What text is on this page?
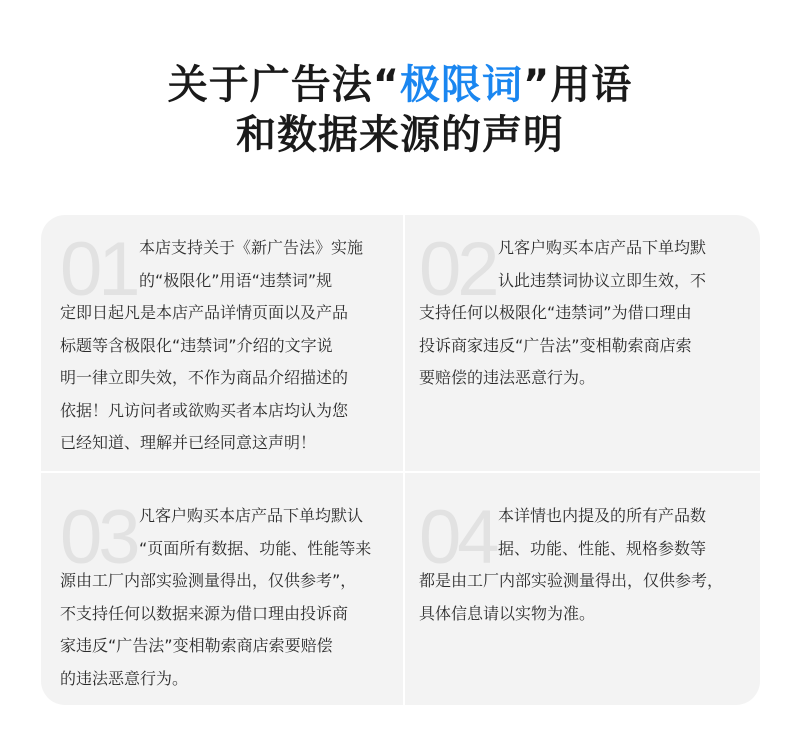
关于广告法“极限词”用语
和数据来源的声明
01 本店支持关于《新广告法》实施
的“极限化”用语“违禁词”规
定即日起凡是本店产品详情页面以及产品
标题等含极限化“违禁词”介绍的文字说
明一律立即失效，不作为商品介绍描述的
依据！凡访问者或欲购买者本店均认为您
已经知道、理解并已经同意这声明！
02 凡客户购买本店产品下单均默
认此违禁词协议立即生效，不
支持任何以极限化“违禁词”为借口理由
投诉商家违反“广告法”变相勒索商店索
要赔偿的违法恶意行为。
03 凡客户购买本店产品下单均默认
“页面所有数据、功能、性能等来
源由工厂内部实验测量得出，仅供参考”，
不支持任何以数据来源为借口理由投诉商
家违反“广告法”变相勒索商店索要赔偿
的违法恶意行为。
04 本详情也内提及的所有产品数
据、功能、性能、规格参数等
都是由工厂内部实验测量得出，仅供参考，
具体信息请以实物为准。
